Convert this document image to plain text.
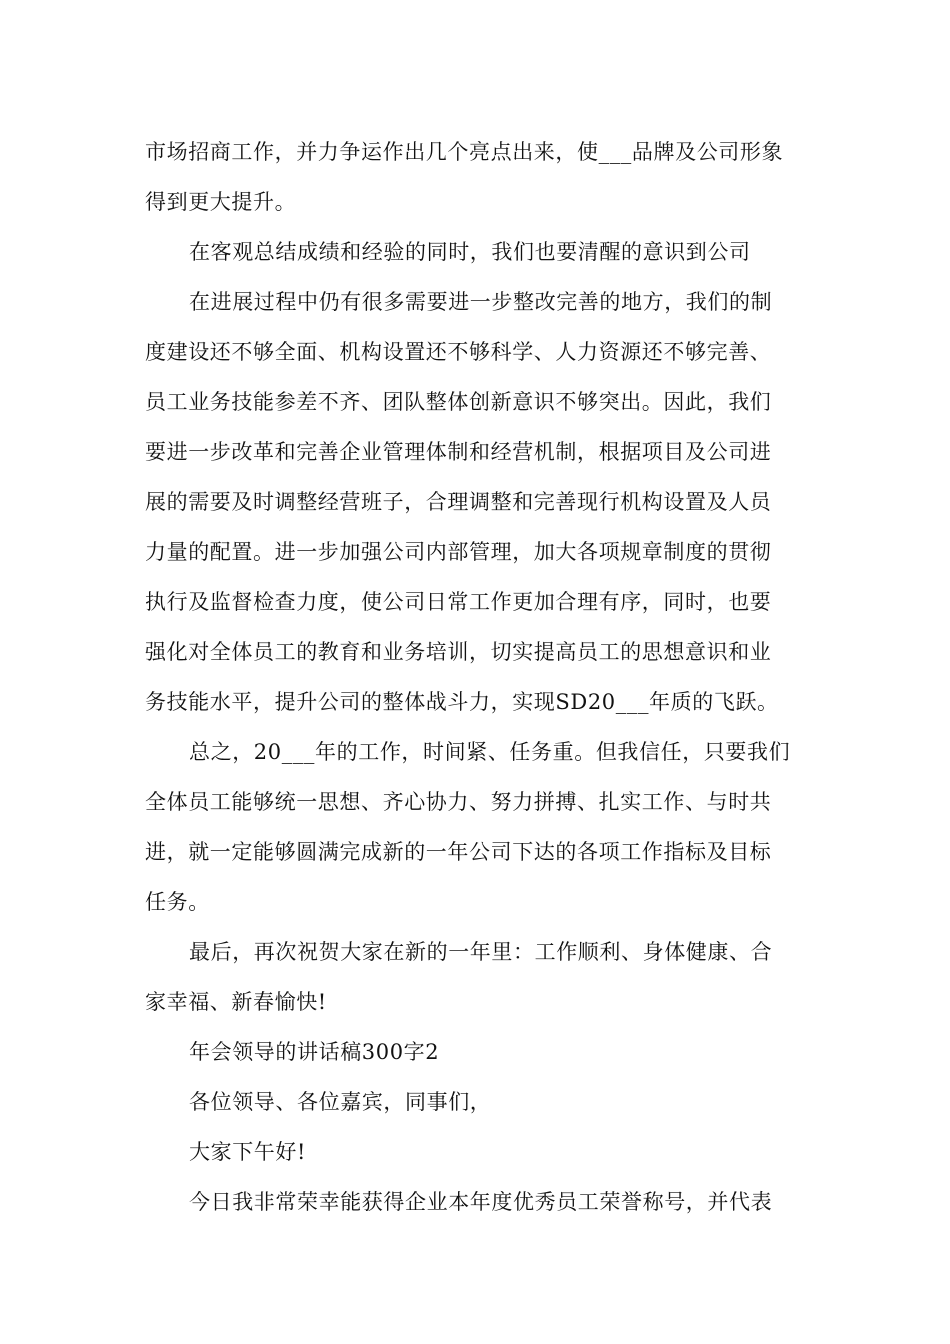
市场招商工作，并力争运作出几个亮点出来，使___品牌及公司形象
得到更大提升。
在客观总结成绩和经验的同时，我们也要清醒的意识到公司
在进展过程中仍有很多需要进一步整改完善的地方，我们的制
度建设还不够全面、机构设置还不够科学、人力资源还不够完善、
员工业务技能参差不齐、团队整体创新意识不够突出。因此，我们
要进一步改革和完善企业管理体制和经营机制，根据项目及公司进
展的需要及时调整经营班子，合理调整和完善现行机构设置及人员
力量的配置。进一步加强公司内部管理，加大各项规章制度的贯彻
执行及监督检查力度，使公司日常工作更加合理有序，同时，也要
强化对全体员工的教育和业务培训，切实提高员工的思想意识和业
务技能水平，提升公司的整体战斗力，实现SD20___年质的飞跃。
总之，20___年的工作，时间紧、任务重。但我信任，只要我们
全体员工能够统一思想、齐心协力、努力拼搏、扎实工作、与时共
进，就一定能够圆满完成新的一年公司下达的各项工作指标及目标
任务。
最后，再次祝贺大家在新的一年里：工作顺利、身体健康、合
家幸福、新春愉快!
年会领导的讲话稿300字2
各位领导、各位嘉宾，同事们，
大家下午好!
今日我非常荣幸能获得企业本年度优秀员工荣誉称号，并代表
